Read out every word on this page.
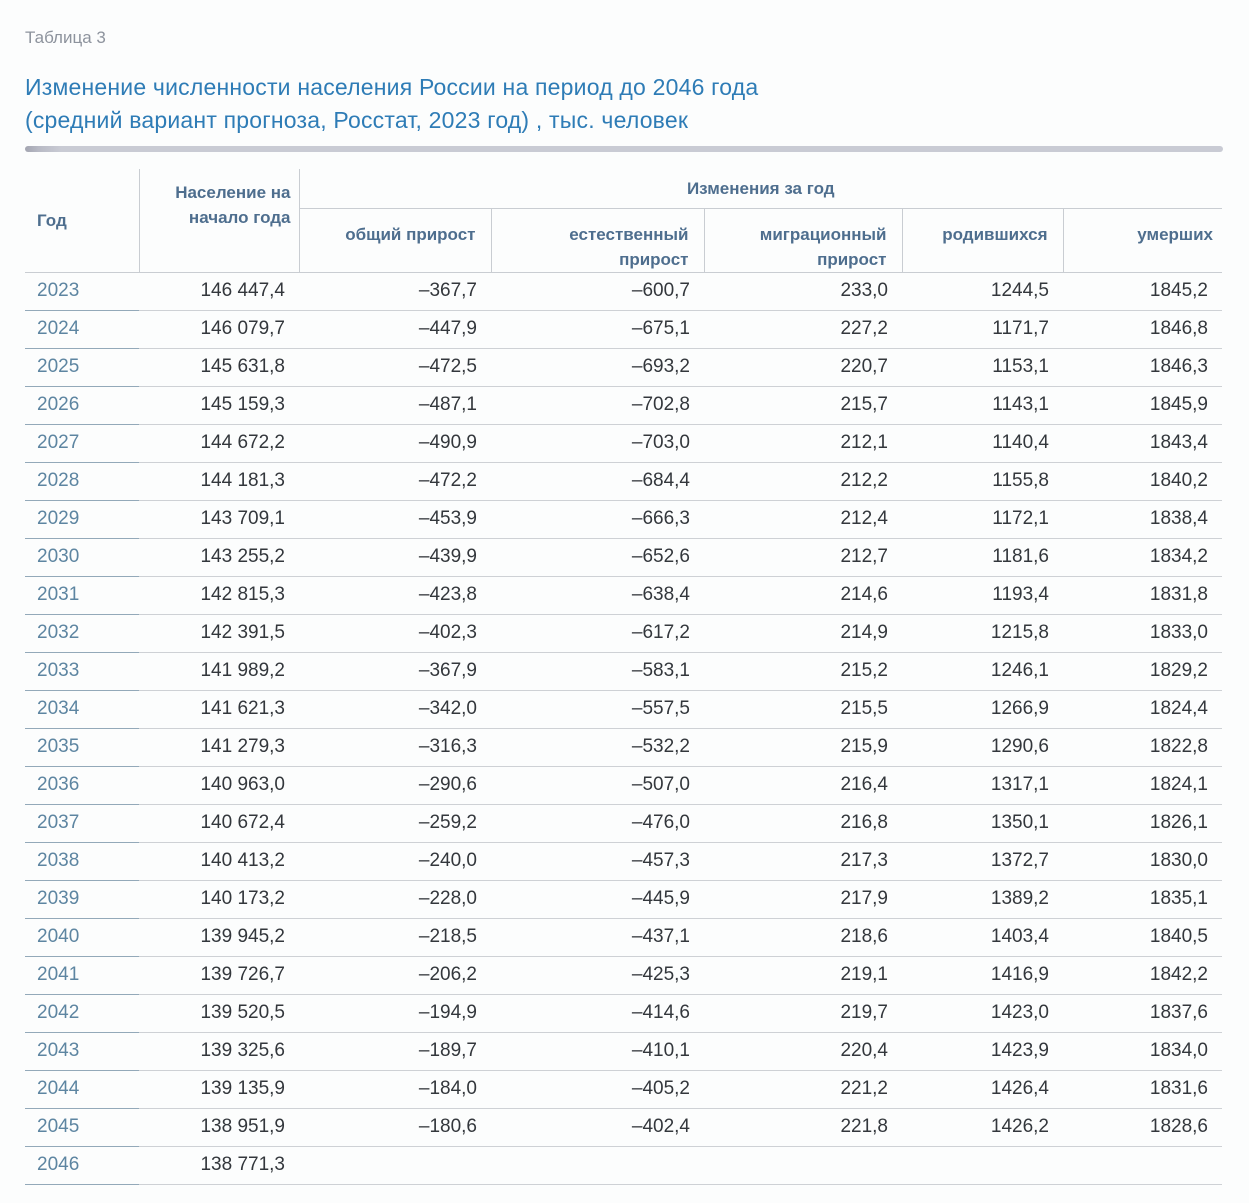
Таблица 3
Изменение численности населения России на период до 2046 года
(средний вариант прогноза, Росстат, 2023 год) , тыс. человек
Год	Население на начало года	Изменения за год				
		общий прирост	естественный прирост	миграционный прирост	родившихся	умерших
2023	146 447,4	–367,7	–600,7	233,0	1244,5	1845,2
2024	146 079,7	–447,9	–675,1	227,2	1171,7	1846,8
2025	145 631,8	–472,5	–693,2	220,7	1153,1	1846,3
2026	145 159,3	–487,1	–702,8	215,7	1143,1	1845,9
2027	144 672,2	–490,9	–703,0	212,1	1140,4	1843,4
2028	144 181,3	–472,2	–684,4	212,2	1155,8	1840,2
2029	143 709,1	–453,9	–666,3	212,4	1172,1	1838,4
2030	143 255,2	–439,9	–652,6	212,7	1181,6	1834,2
2031	142 815,3	–423,8	–638,4	214,6	1193,4	1831,8
2032	142 391,5	–402,3	–617,2	214,9	1215,8	1833,0
2033	141 989,2	–367,9	–583,1	215,2	1246,1	1829,2
2034	141 621,3	–342,0	–557,5	215,5	1266,9	1824,4
2035	141 279,3	–316,3	–532,2	215,9	1290,6	1822,8
2036	140 963,0	–290,6	–507,0	216,4	1317,1	1824,1
2037	140 672,4	–259,2	–476,0	216,8	1350,1	1826,1
2038	140 413,2	–240,0	–457,3	217,3	1372,7	1830,0
2039	140 173,2	–228,0	–445,9	217,9	1389,2	1835,1
2040	139 945,2	–218,5	–437,1	218,6	1403,4	1840,5
2041	139 726,7	–206,2	–425,3	219,1	1416,9	1842,2
2042	139 520,5	–194,9	–414,6	219,7	1423,0	1837,6
2043	139 325,6	–189,7	–410,1	220,4	1423,9	1834,0
2044	139 135,9	–184,0	–405,2	221,2	1426,4	1831,6
2045	138 951,9	–180,6	–402,4	221,8	1426,2	1828,6
2046	138 771,3					
